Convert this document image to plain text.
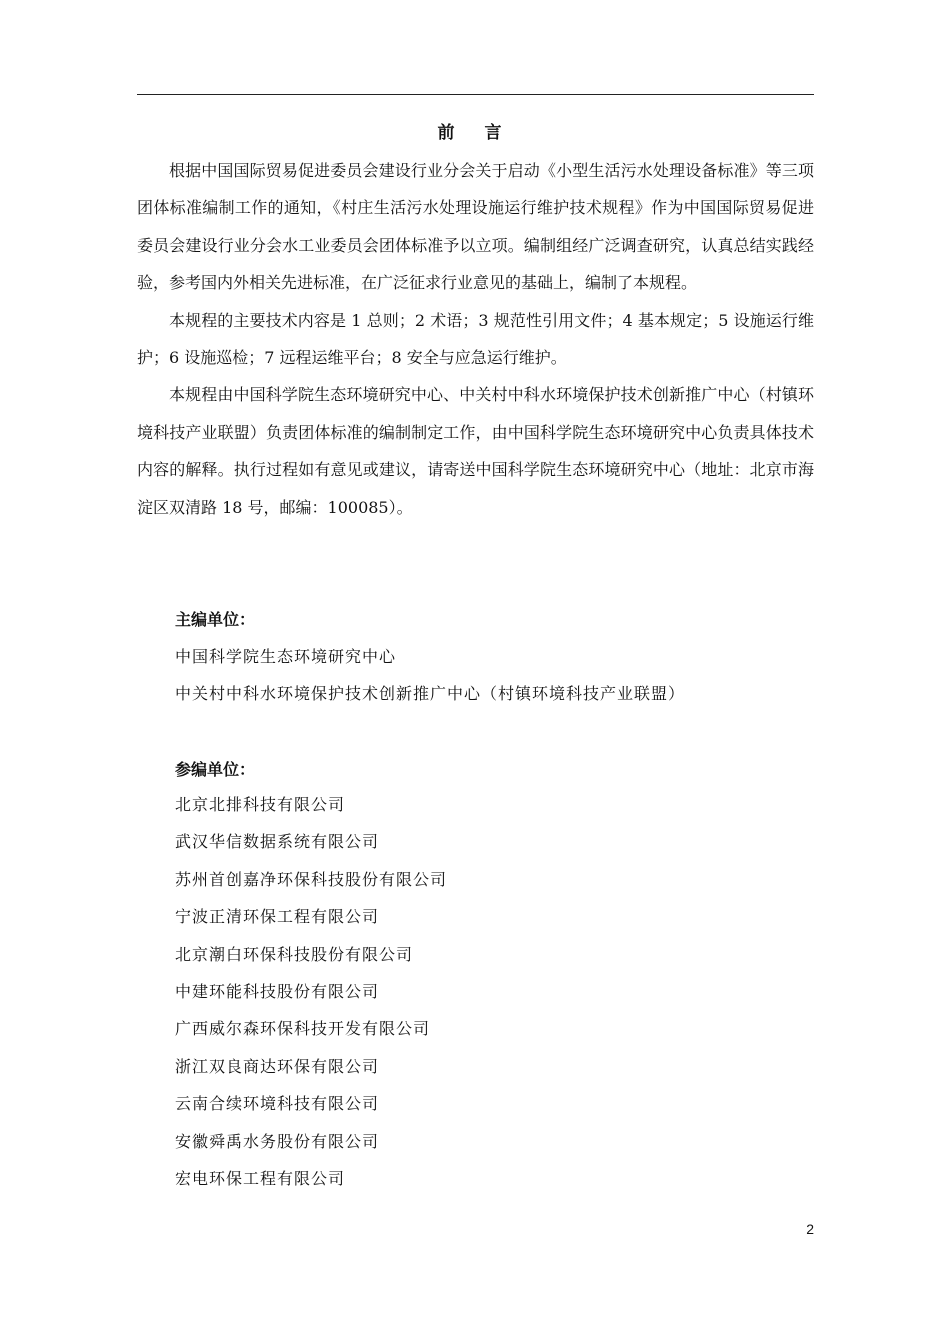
前 言

根据中国国际贸易促进委员会建设行业分会关于启动《小型生活污水处理设备标准》等三项团体标准编制工作的通知，《村庄生活污水处理设施运行维护技术规程》作为中国国际贸易促进委员会建设行业分会水工业委员会团体标准予以立项。编制组经广泛调查研究，认真总结实践经验，参考国内外相关先进标准，在广泛征求行业意见的基础上，编制了本规程。

本规程的主要技术内容是 1 总则；2 术语；3 规范性引用文件；4 基本规定；5 设施运行维护；6 设施巡检；7 远程运维平台；8 安全与应急运行维护。

本规程由中国科学院生态环境研究中心、中关村中科水环境保护技术创新推广中心（村镇环境科技产业联盟）负责团体标准的编制制定工作，由中国科学院生态环境研究中心负责具体技术内容的解释。执行过程如有意见或建议，请寄送中国科学院生态环境研究中心（地址：北京市海淀区双清路 18 号，邮编：100085）。

主编单位：
中国科学院生态环境研究中心
中关村中科水环境保护技术创新推广中心（村镇环境科技产业联盟）
参编单位：
北京北排科技有限公司
武汉华信数据系统有限公司
苏州首创嘉净环保科技股份有限公司
宁波正清环保工程有限公司
北京潮白环保科技股份有限公司
中建环能科技股份有限公司
广西威尔森环保科技开发有限公司
浙江双良商达环保有限公司
云南合续环境科技有限公司
安徽舜禹水务股份有限公司
宏电环保工程有限公司
2
